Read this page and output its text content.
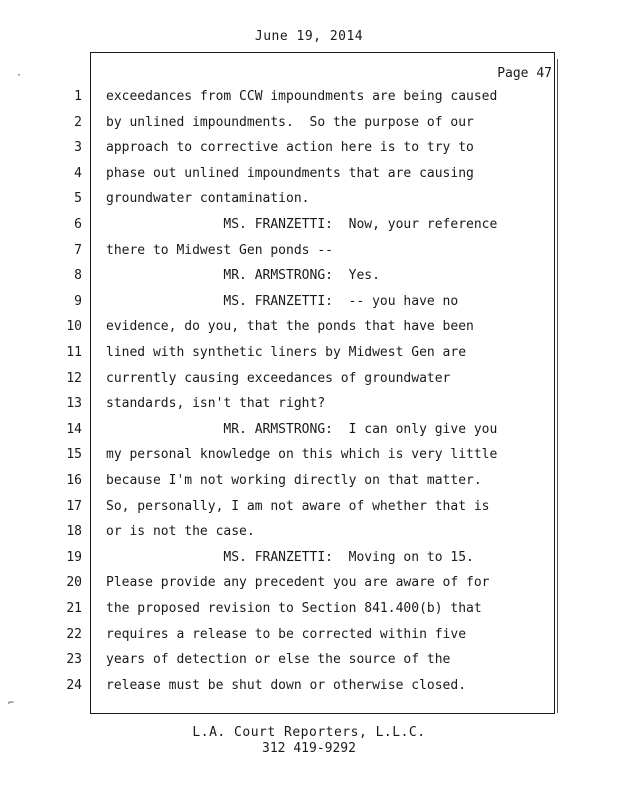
June 19, 2014
Page 47
1 exceedances from CCW impoundments are being caused
2 by unlined impoundments.  So the purpose of our
3 approach to corrective action here is to try to
4 phase out unlined impoundments that are causing
5 groundwater contamination.
6 MS. FRANZETTI:  Now, your reference
7 there to Midwest Gen ponds --
8 MR. ARMSTRONG:  Yes.
9 MS. FRANZETTI:  -- you have no
10 evidence, do you, that the ponds that have been
11 lined with synthetic liners by Midwest Gen are
12 currently causing exceedances of groundwater
13 standards, isn't that right?
14 MR. ARMSTRONG:  I can only give you
15 my personal knowledge on this which is very little
16 because I'm not working directly on that matter.
17 So, personally, I am not aware of whether that is
18 or is not the case.
19 MS. FRANZETTI:  Moving on to 15.
20 Please provide any precedent you are aware of for
21 the proposed revision to Section 841.400(b) that
22 requires a release to be corrected within five
23 years of detection or else the source of the
24 release must be shut down or otherwise closed.
L.A. Court Reporters, L.L.C.
312 419-9292
·
⌐
